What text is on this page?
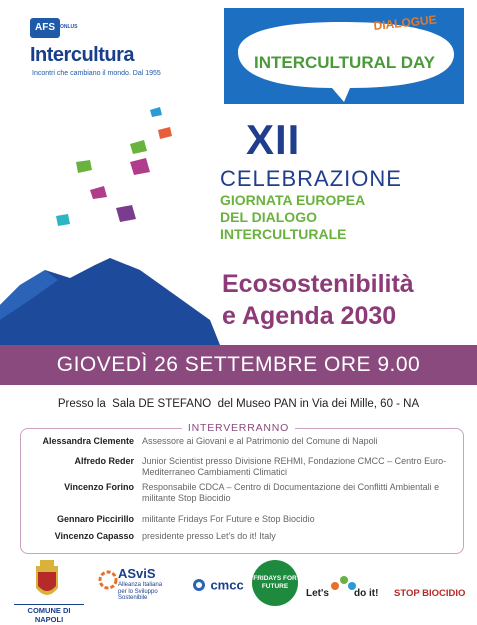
AFS	ONLUS
Intercultura
Incontri che cambiano il mondo. Dal 1955
DIALOGUE
INTERCULTURAL DAY
XII
CELEBRAZIONE
GIORNATA EUROPEA
DEL DIALOGO
INTERCULTURALE
Ecosostenibilità
e Agenda 2030
GIOVEDÌ 26 SETTEMBRE ORE 9.00
Presso la  Sala DE STEFANO  del Museo PAN in Via dei Mille, 60 - NA
INTERVERRANNO
Alessandra Clemente Assessore ai Giovani e al Patrimonio del Comune di Napoli
Alfredo Reder Junior Scientist presso Divisione REHMI, Fondazione CMCC – Centro Euro-Mediterraneo Cambiamenti Climatici
Vincenzo Forino Responsabile CDCA – Centro di Documentazione dei Conflitti Ambientali e militante Stop Biocidio
Gennaro Piccirillo militante Fridays For Future e Stop Biocidio
Vincenzo Capasso presidente presso Let's do it! Italy
COMUNE DI NAPOLI
ASviS
Alleanza Italiana
per lo Sviluppo Sostenibile
cmcc FRIDAYS FOR FUTURE
Let's	do it! STOP BIOCIDIO
